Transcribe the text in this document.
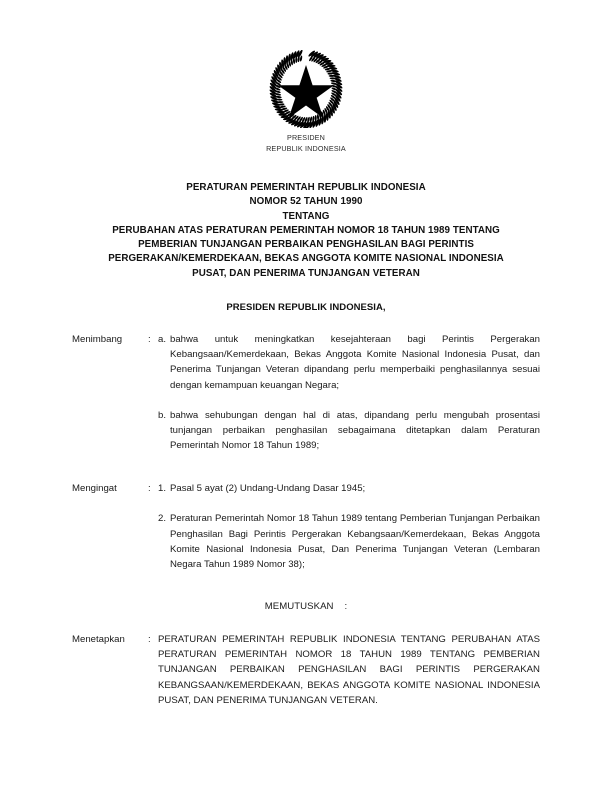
PRESIDEN
REPUBLIK INDONESIA
PERATURAN PEMERINTAH REPUBLIK INDONESIA
NOMOR 52 TAHUN 1990
TENTANG
PERUBAHAN ATAS PERATURAN PEMERINTAH NOMOR 18 TAHUN 1989 TENTANG
PEMBERIAN TUNJANGAN PERBAIKAN PENGHASILAN BAGI PERINTIS
PERGERAKAN/KEMERDEKAAN, BEKAS ANGGOTA KOMITE NASIONAL INDONESIA
PUSAT, DAN PENERIMA TUNJANGAN VETERAN
PRESIDEN REPUBLIK INDONESIA,
Menimbang	: a. bahwa untuk meningkatkan kesejahteraan bagi Perintis Pergerakan Kebangsaan/Kemerdekaan, Bekas Anggota Komite Nasional Indonesia Pusat, dan Penerima Tunjangan Veteran dipandang perlu memperbaiki penghasilannya sesuai dengan kemampuan keuangan Negara;
b. bahwa sehubungan dengan hal di atas, dipandang perlu mengubah prosentasi tunjangan perbaikan penghasilan sebagaimana ditetapkan dalam Peraturan Pemerintah Nomor 18 Tahun 1989;
Mengingat	: 1. Pasal 5 ayat (2) Undang-Undang Dasar 1945;
2. Peraturan Pemerintah Nomor 18 Tahun 1989 tentang Pemberian Tunjangan Perbaikan Penghasilan Bagi Perintis Pergerakan Kebangsaan/Kemerdekaan, Bekas Anggota Komite Nasional Indonesia Pusat, Dan Penerima Tunjangan Veteran (Lembaran Negara Tahun 1989 Nomor 38);
MEMUTUSKAN :
Menetapkan	: PERATURAN PEMERINTAH REPUBLIK INDONESIA TENTANG PERUBAHAN ATAS PERATURAN PEMERINTAH NOMOR 18 TAHUN 1989 TENTANG PEMBERIAN TUNJANGAN PERBAIKAN PENGHASILAN BAGI PERINTIS PERGERAKAN KEBANGSAAN/KEMERDEKAAN, BEKAS ANGGOTA KOMITE NASIONAL INDONESIA PUSAT, DAN PENERIMA TUNJANGAN VETERAN.
